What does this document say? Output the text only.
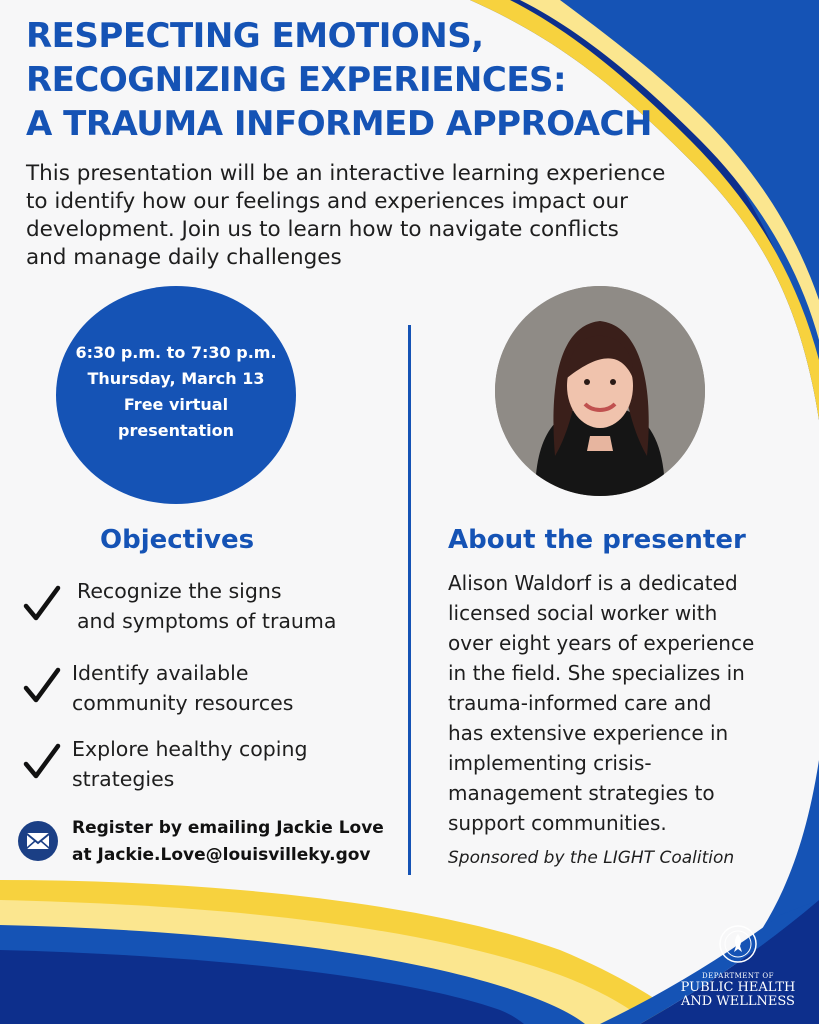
RESPECTING EMOTIONS,
RECOGNIZING EXPERIENCES:
A TRAUMA INFORMED APPROACH
This presentation will be an interactive learning experience
to identify how our feelings and experiences impact our
development. Join us to learn how to navigate conflicts
and manage daily challenges
6:30 p.m. to 7:30 p.m.
Thursday, March 13
Free virtual
presentation
Objectives	About the presenter
Recognize the signs
and symptoms of trauma
Identify available
community resources
Explore healthy coping
strategies
Register by emailing Jackie Love
at Jackie.Love@louisvilleky.gov
Alison Waldorf is a dedicated
licensed social worker with
over eight years of experience
in the field. She specializes in
trauma-informed care and
has extensive experience in
implementing crisis-
management strategies to
support communities.
Sponsored by the LIGHT Coalition
DEPARTMENT OF
PUBLIC HEALTH
AND WELLNESS
